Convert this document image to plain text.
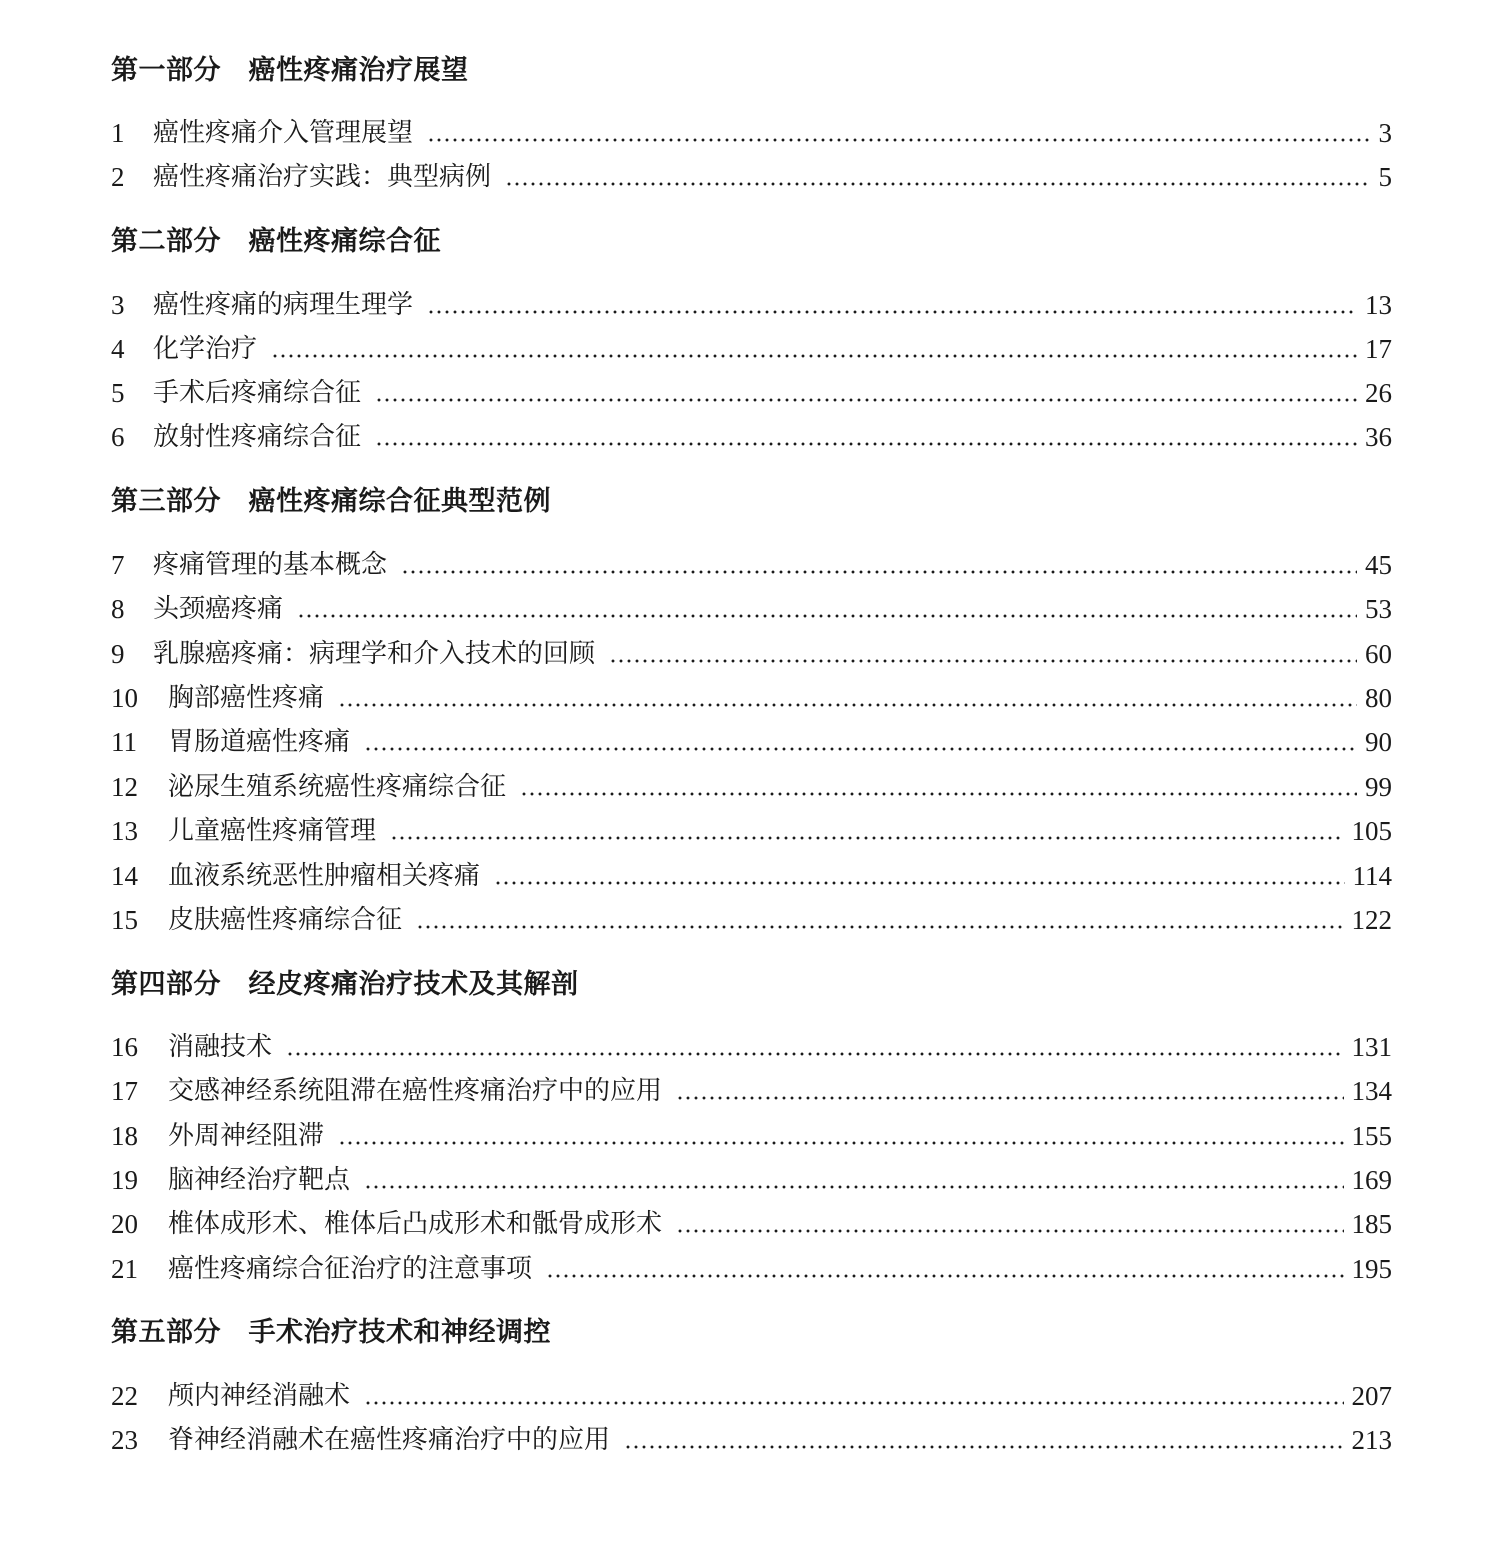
第一部分　癌性疼痛治疗展望
1	癌性疼痛介入管理展望	3
2	癌性疼痛治疗实践：典型病例	5
第二部分　癌性疼痛综合征
3	癌性疼痛的病理生理学	13
4	化学治疗	17
5	手术后疼痛综合征	26
6	放射性疼痛综合征	36
第三部分　癌性疼痛综合征典型范例
7	疼痛管理的基本概念	45
8	头颈癌疼痛	53
9	乳腺癌疼痛：病理学和介入技术的回顾	60
10	胸部癌性疼痛	80
11	胃肠道癌性疼痛	90
12	泌尿生殖系统癌性疼痛综合征	99
13	儿童癌性疼痛管理	105
14	血液系统恶性肿瘤相关疼痛	114
15	皮肤癌性疼痛综合征	122
第四部分　经皮疼痛治疗技术及其解剖
16	消融技术	131
17	交感神经系统阻滞在癌性疼痛治疗中的应用	134
18	外周神经阻滞	155
19	脑神经治疗靶点	169
20	椎体成形术、椎体后凸成形术和骶骨成形术	185
21	癌性疼痛综合征治疗的注意事项	195
第五部分　手术治疗技术和神经调控
22	颅内神经消融术	207
23	脊神经消融术在癌性疼痛治疗中的应用	213
